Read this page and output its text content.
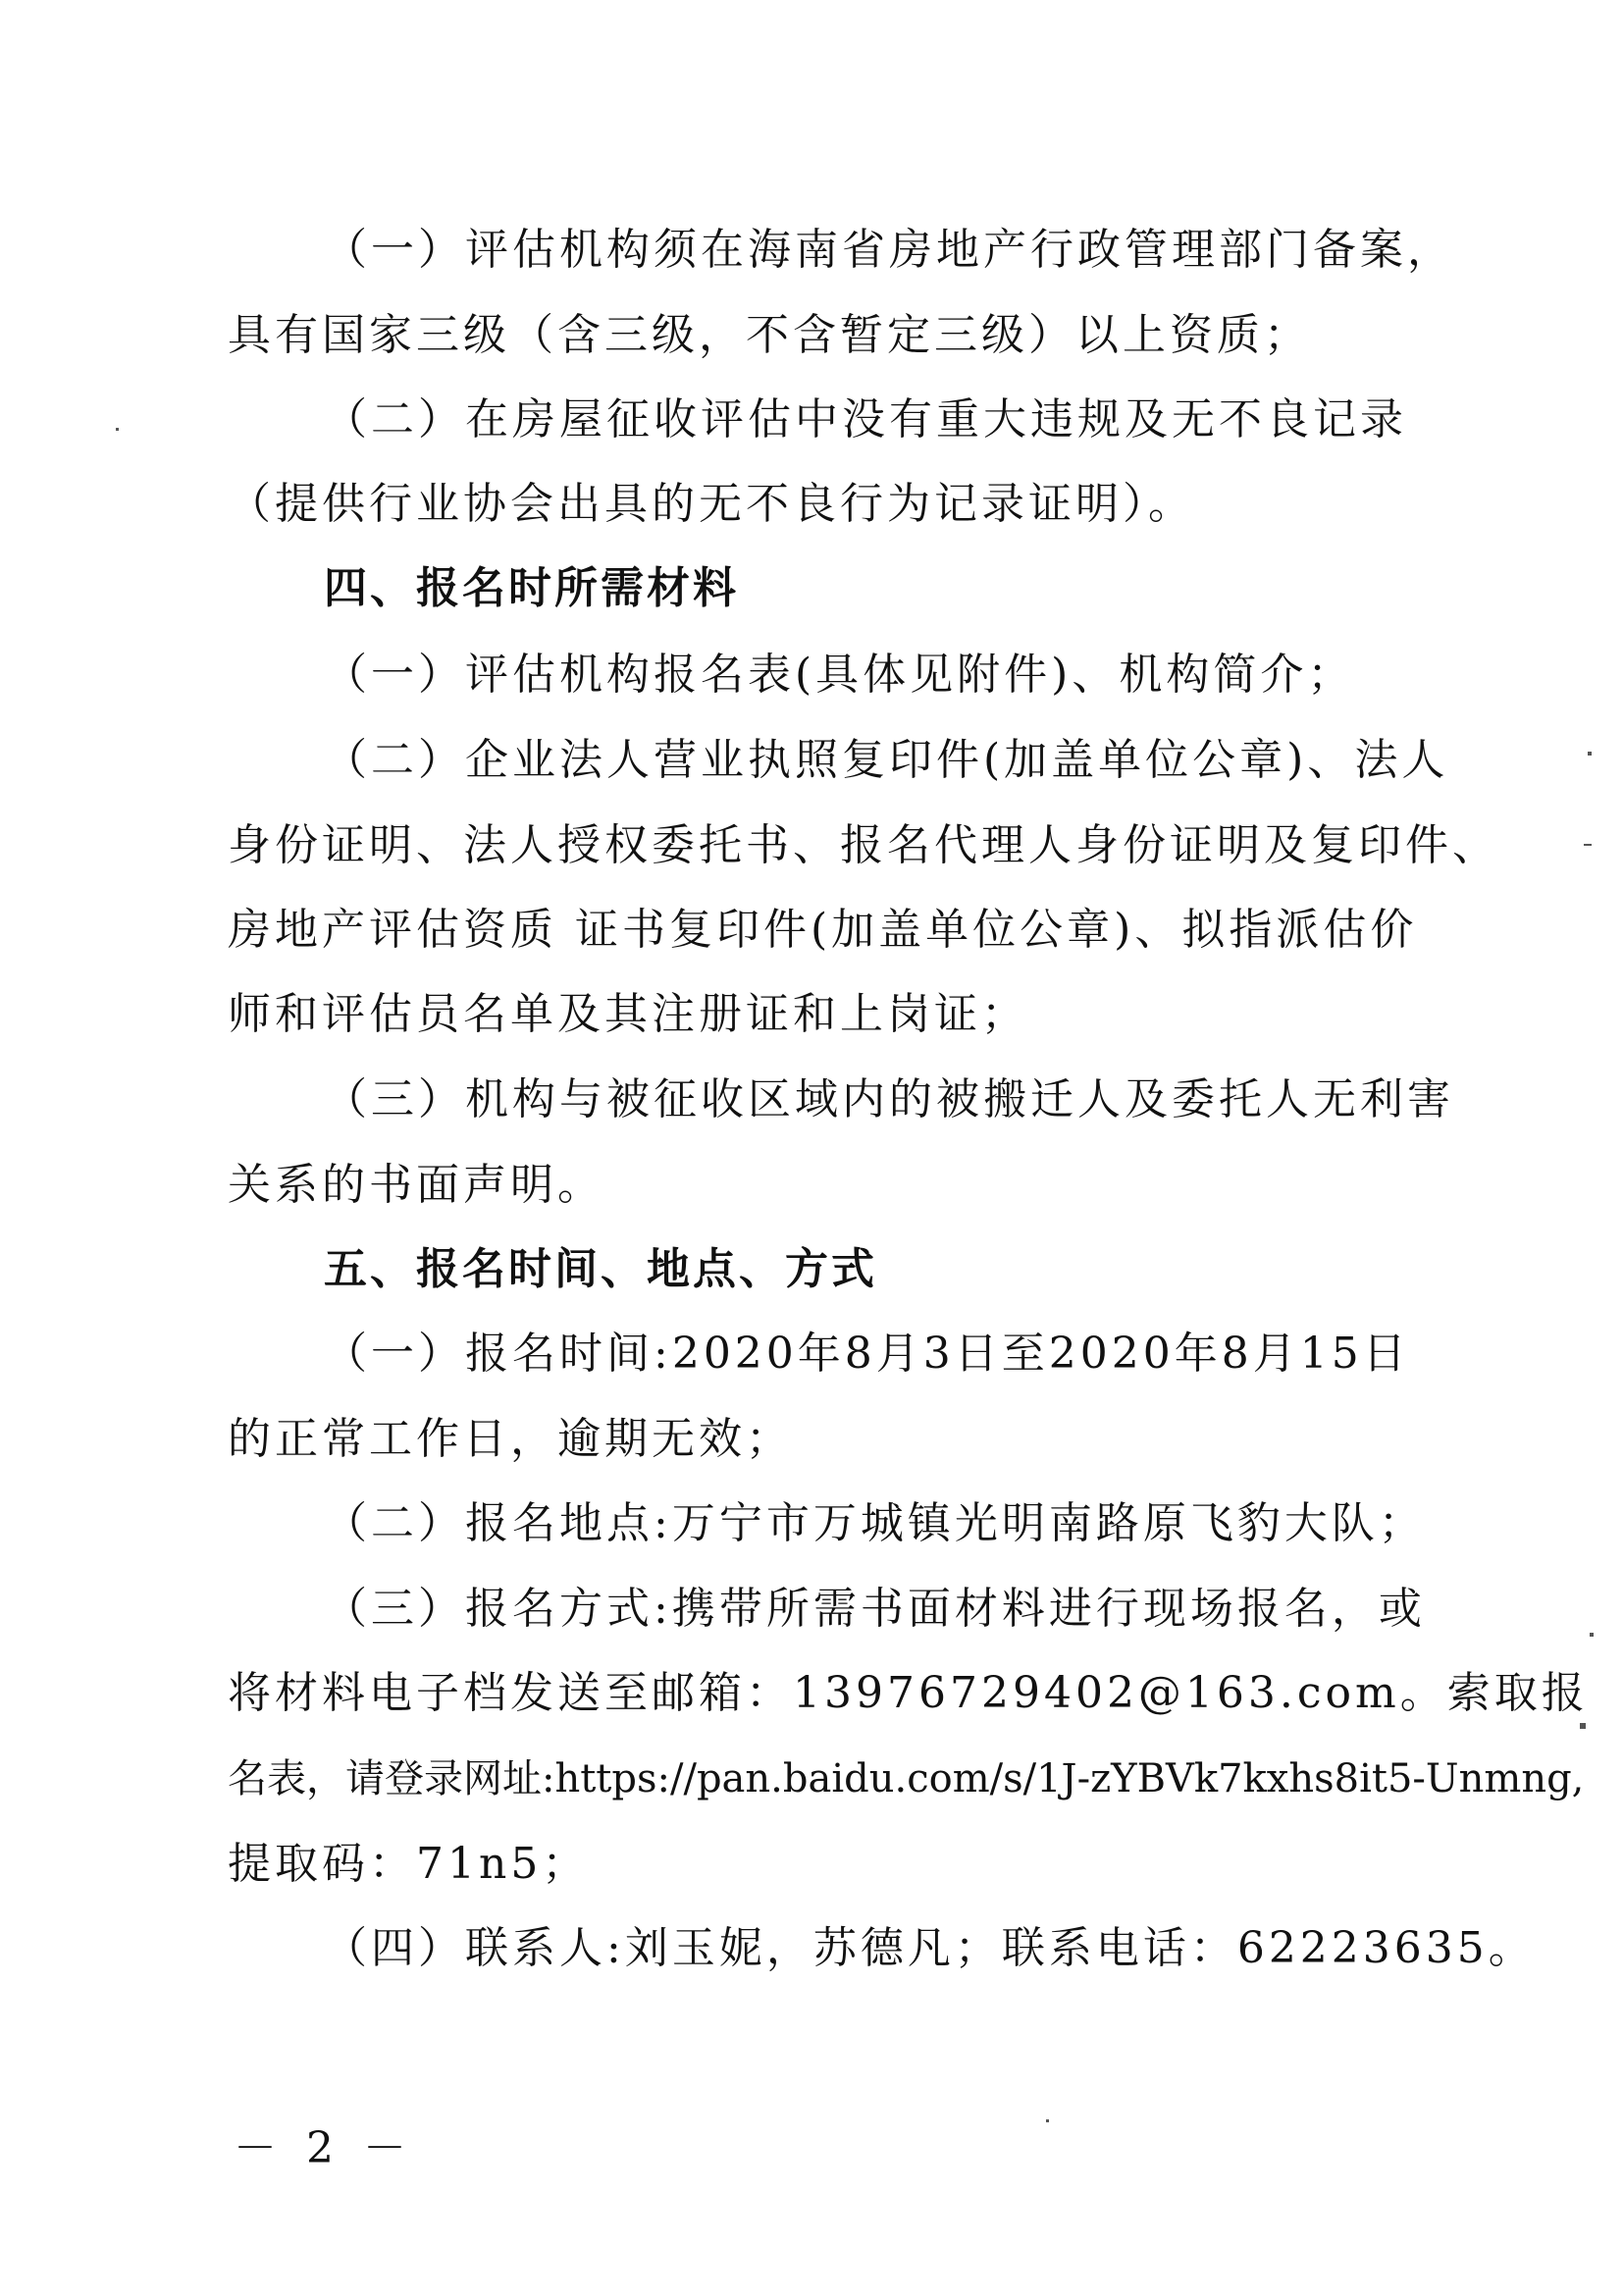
（一）评估机构须在海南省房地产行政管理部门备案，
具有国家三级（含三级，不含暂定三级）以上资质；
（二）在房屋征收评估中没有重大违规及无不良记录
（提供行业协会出具的无不良行为记录证明）。
四、报名时所需材料
（一）评估机构报名表(具体见附件)、机构简介；
（二）企业法人营业执照复印件(加盖单位公章)、法人
身份证明、法人授权委托书、报名代理人身份证明及复印件、
房地产评估资质 证书复印件(加盖单位公章)、拟指派估价
师和评估员名单及其注册证和上岗证；
（三）机构与被征收区域内的被搬迁人及委托人无利害
关系的书面声明。
五、报名时间、地点、方式
（一）报名时间:2020年8月3日至2020年8月15日
的正常工作日，逾期无效；
（二）报名地点:万宁市万城镇光明南路原飞豹大队；
（三）报名方式:携带所需书面材料进行现场报名，或
将材料电子档发送至邮箱：13976729402@163.com。索取报
名表，请登录网址:https://pan.baidu.com/s/1J-zYBVk7kxhs8it5-Unmng,
提取码：71n5；
（四）联系人:刘玉妮，苏德凡；联系电话：62223635。
－ 2 －
